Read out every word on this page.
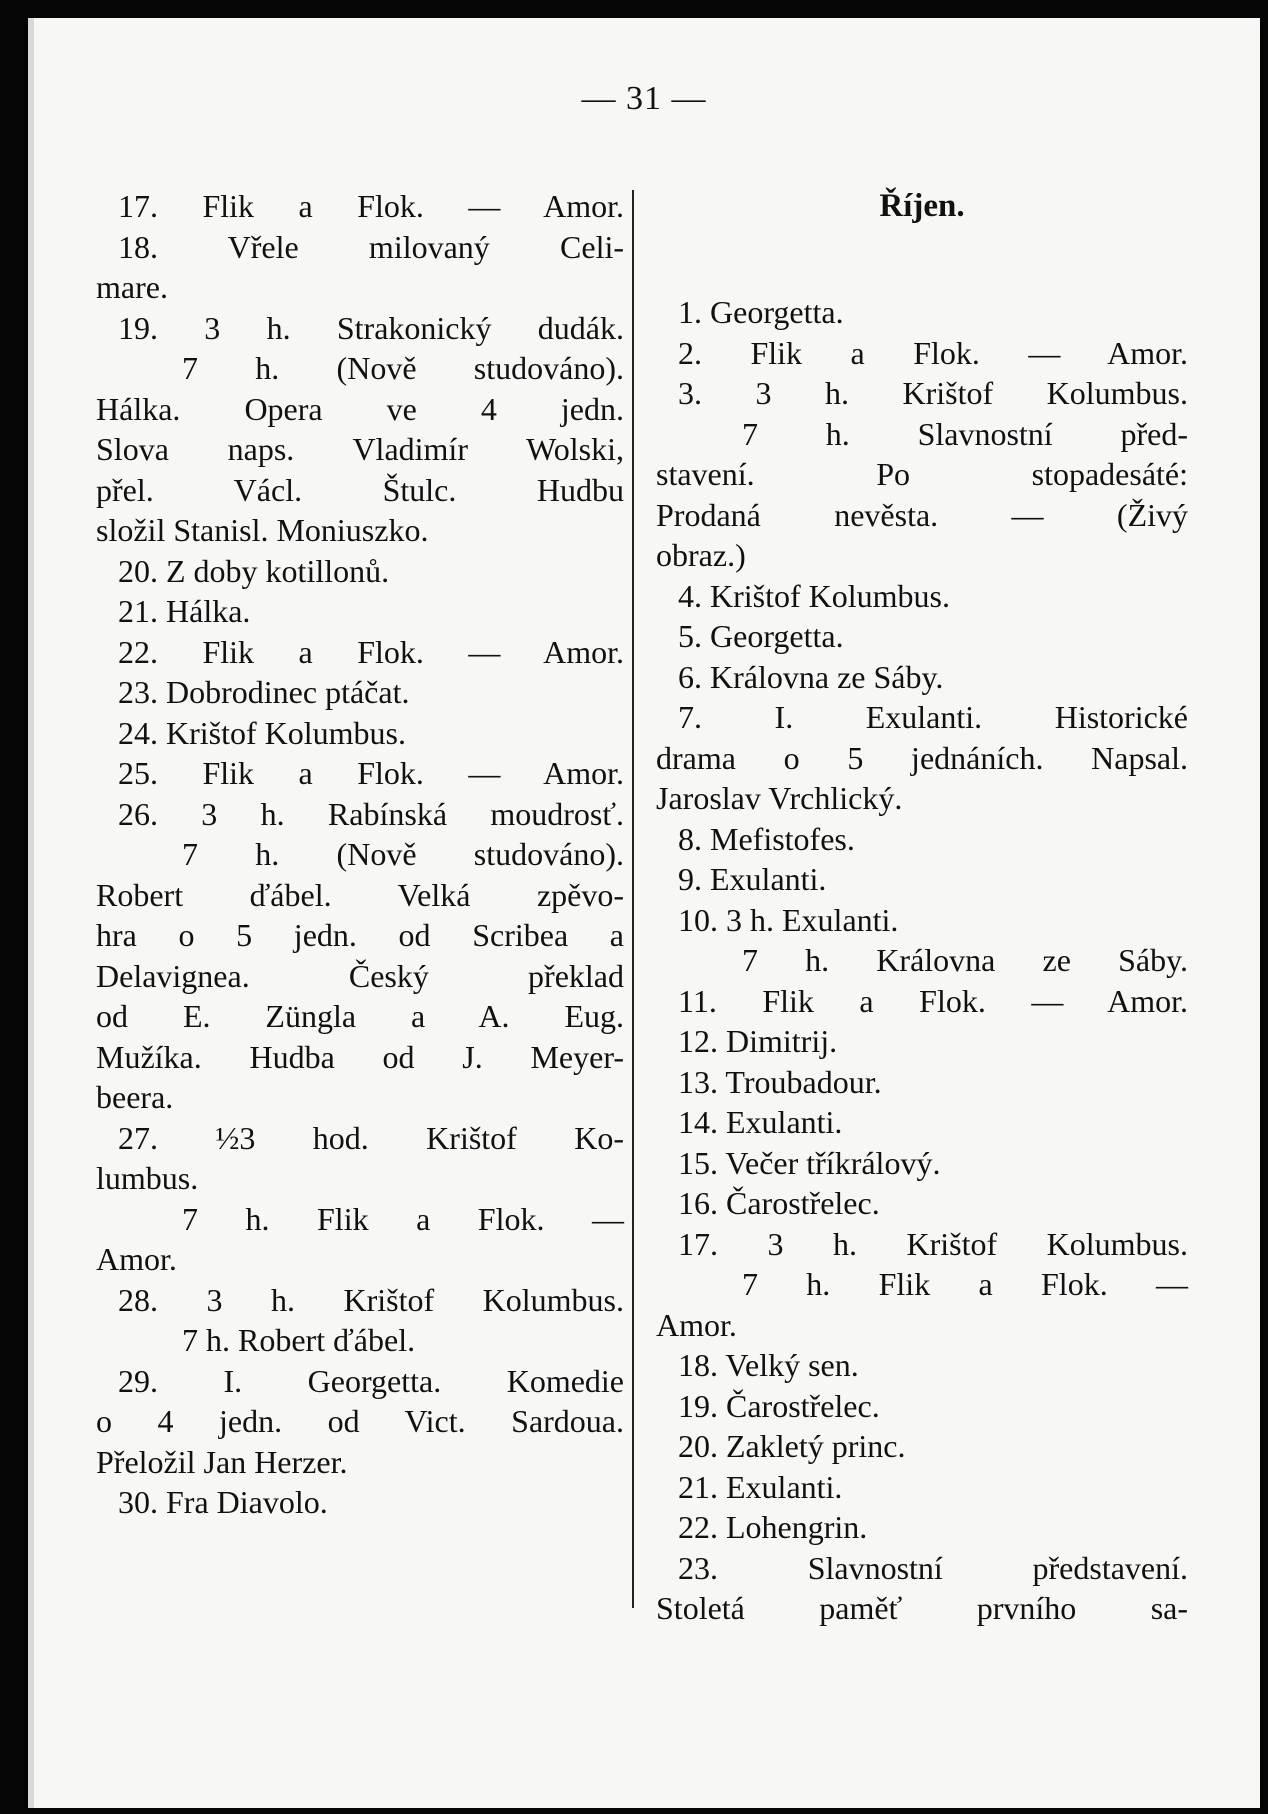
— 31 —
17. Flik a Flok. — Amor.
18. Vřele milovaný Celi-
mare.
19. 3 h. Strakonický dudák.
7 h. (Nově studováno).
Hálka. Opera ve 4 jedn.
Slova naps. Vladimír Wolski,
přel. Václ. Štulc. Hudbu
složil Stanisl. Moniuszko.
20. Z doby kotillonů.
21. Hálka.
22. Flik a Flok. — Amor.
23. Dobrodinec ptáčat.
24. Krištof Kolumbus.
25. Flik a Flok. — Amor.
26. 3 h. Rabínská moudrosť.
7 h. (Nově studováno).
Robert ďábel. Velká zpěvo-
hra o 5 jedn. od Scribea a
Delavignea. Český překlad
od E. Züngla a A. Eug.
Mužíka. Hudba od J. Meyer-
beera.
27. ½3 hod. Krištof Ko-
lumbus.
7 h. Flik a Flok. —
Amor.
28. 3 h. Krištof Kolumbus.
7 h. Robert ďábel.
29. I. Georgetta. Komedie
o 4 jedn. od Vict. Sardoua.
Přeložil Jan Herzer.
30. Fra Diavolo.
Říjen.
1. Georgetta.
2. Flik a Flok. — Amor.
3. 3 h. Krištof Kolumbus.
7 h. Slavnostní před-
stavení. Po stopadesáté:
Prodaná nevěsta. — (Živý
obraz.)
4. Krištof Kolumbus.
5. Georgetta.
6. Královna ze Sáby.
7. I. Exulanti. Historické
drama o 5 jednáních. Napsal.
Jaroslav Vrchlický.
8. Mefistofes.
9. Exulanti.
10. 3 h. Exulanti.
7 h. Královna ze Sáby.
11. Flik a Flok. — Amor.
12. Dimitrij.
13. Troubadour.
14. Exulanti.
15. Večer tříkrálový.
16. Čarostřelec.
17. 3 h. Krištof Kolumbus.
7 h. Flik a Flok. —
Amor.
18. Velký sen.
19. Čarostřelec.
20. Zakletý princ.
21. Exulanti.
22. Lohengrin.
23. Slavnostní představení.
Stoletá paměť prvního sa-
